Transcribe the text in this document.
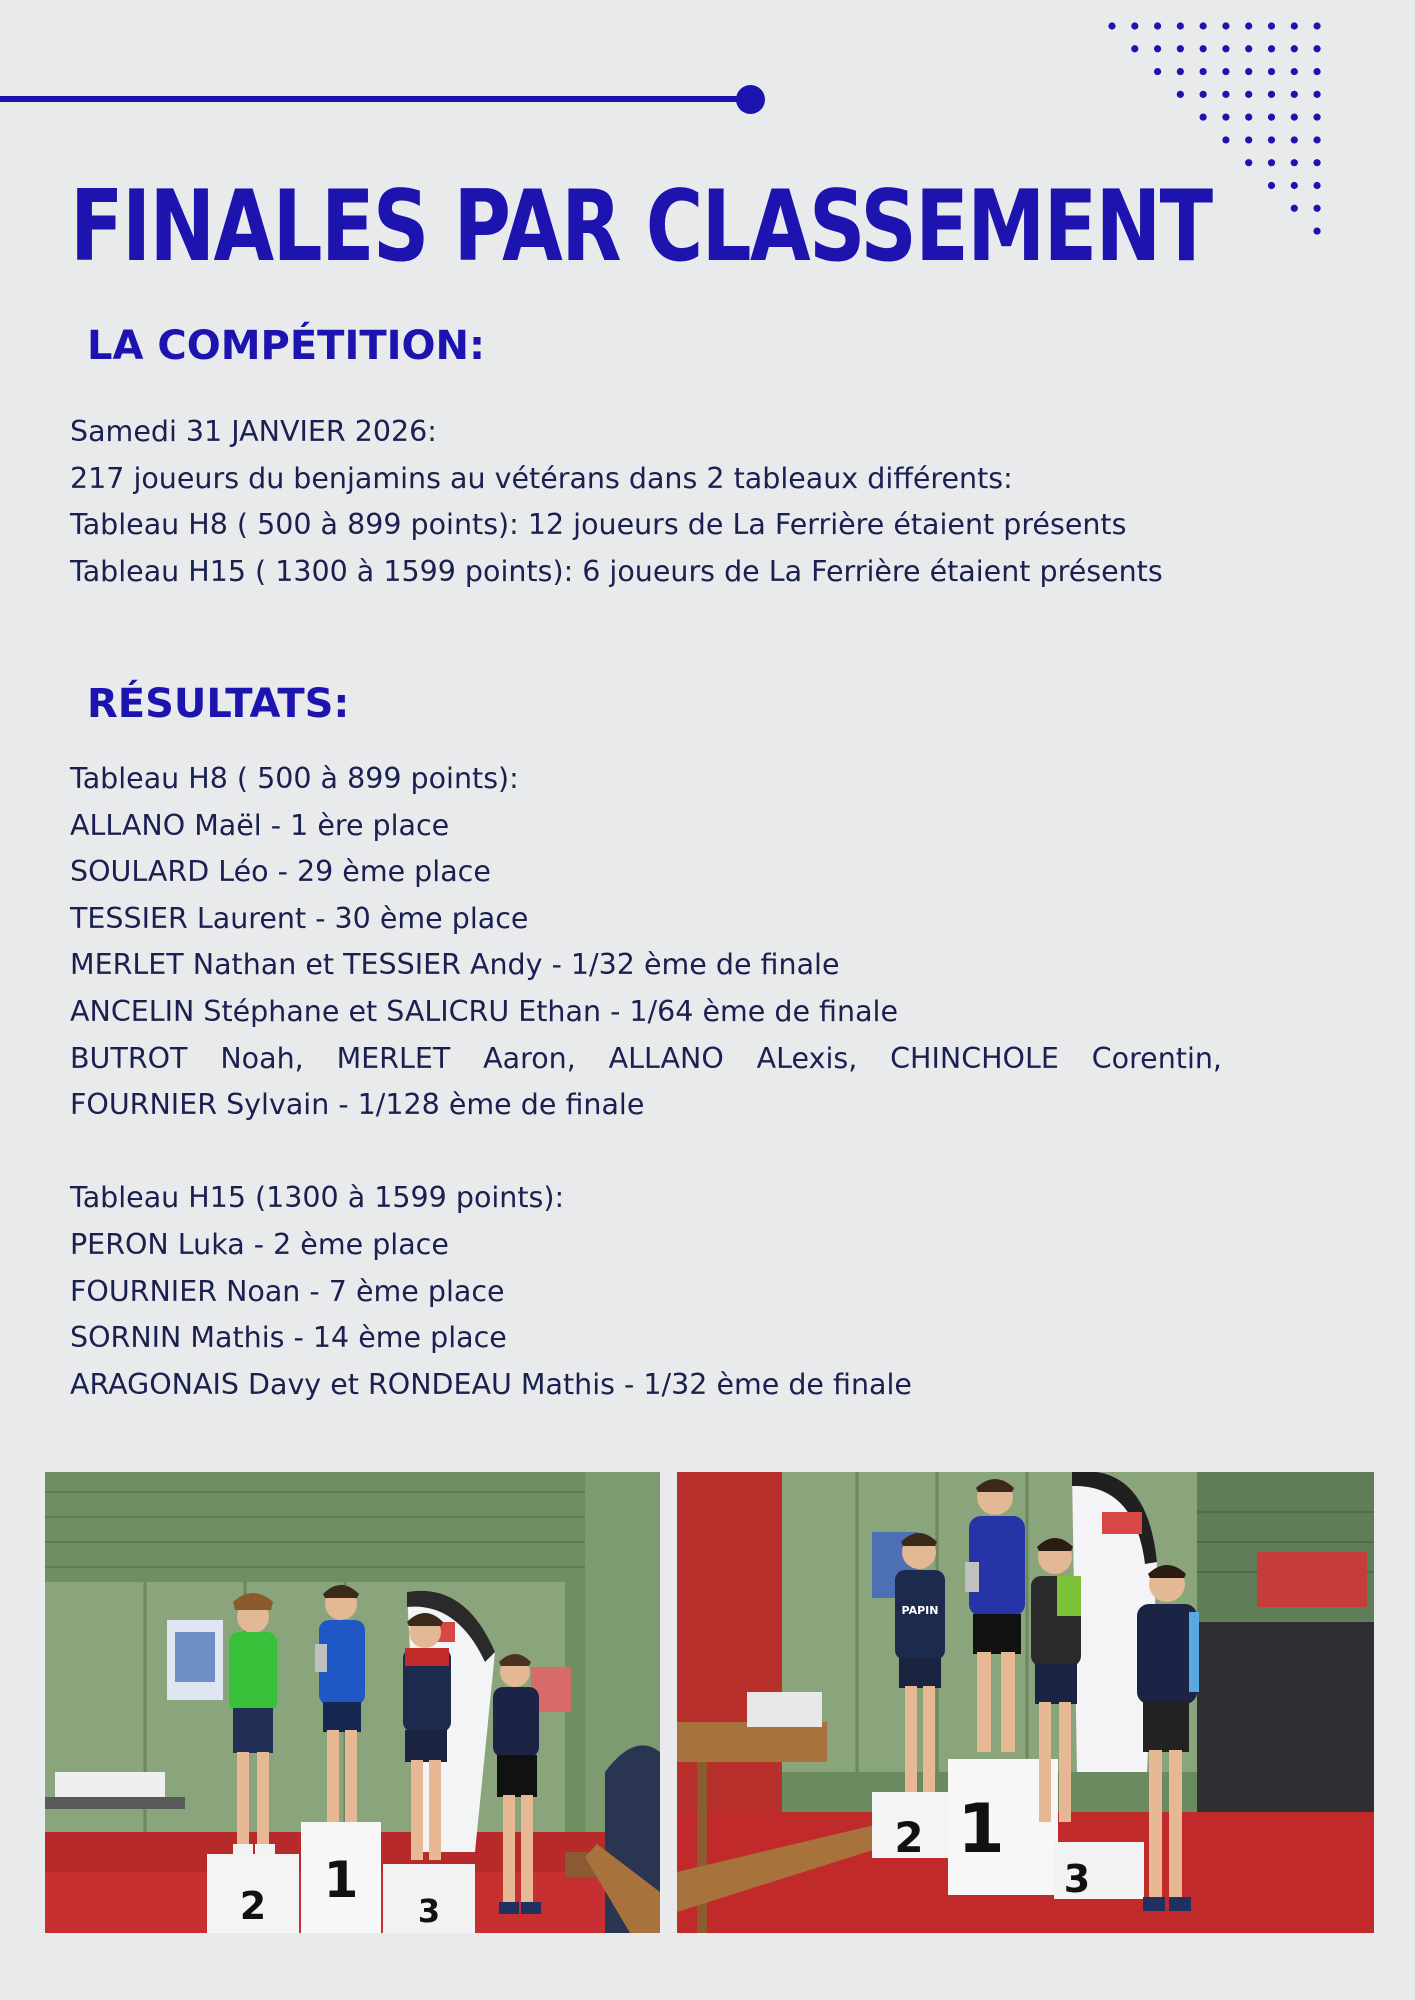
FINALES PAR CLASSEMENT
LA COMPÉTITION:
Samedi 31 JANVIER 2026:
217 joueurs du benjamins au vétérans dans 2 tableaux différents:
Tableau H8 ( 500 à 899 points): 12 joueurs de La Ferrière étaient présents
Tableau H15 ( 1300 à 1599 points): 6 joueurs de La Ferrière étaient présents
RÉSULTATS:
Tableau H8 ( 500 à 899 points):
ALLANO Maël - 1 ère place
SOULARD Léo - 29 ème place
TESSIER Laurent - 30 ème place
MERLET Nathan et TESSIER Andy - 1/32 ème de finale
ANCELIN Stéphane et SALICRU Ethan - 1/64 ème de finale
BUTROT Noah, MERLET Aaron, ALLANO ALexis, CHINCHOLE Corentin,
FOURNIER Sylvain - 1/128 ème de finale
Tableau H15 (1300 à 1599 points):
PERON Luka - 2 ème place
FOURNIER Noan - 7 ème place
SORNIN Mathis - 14 ème place
ARAGONAIS Davy et RONDEAU Mathis - 1/32 ème de finale
2 1
3
2 1
3
PAPIN
